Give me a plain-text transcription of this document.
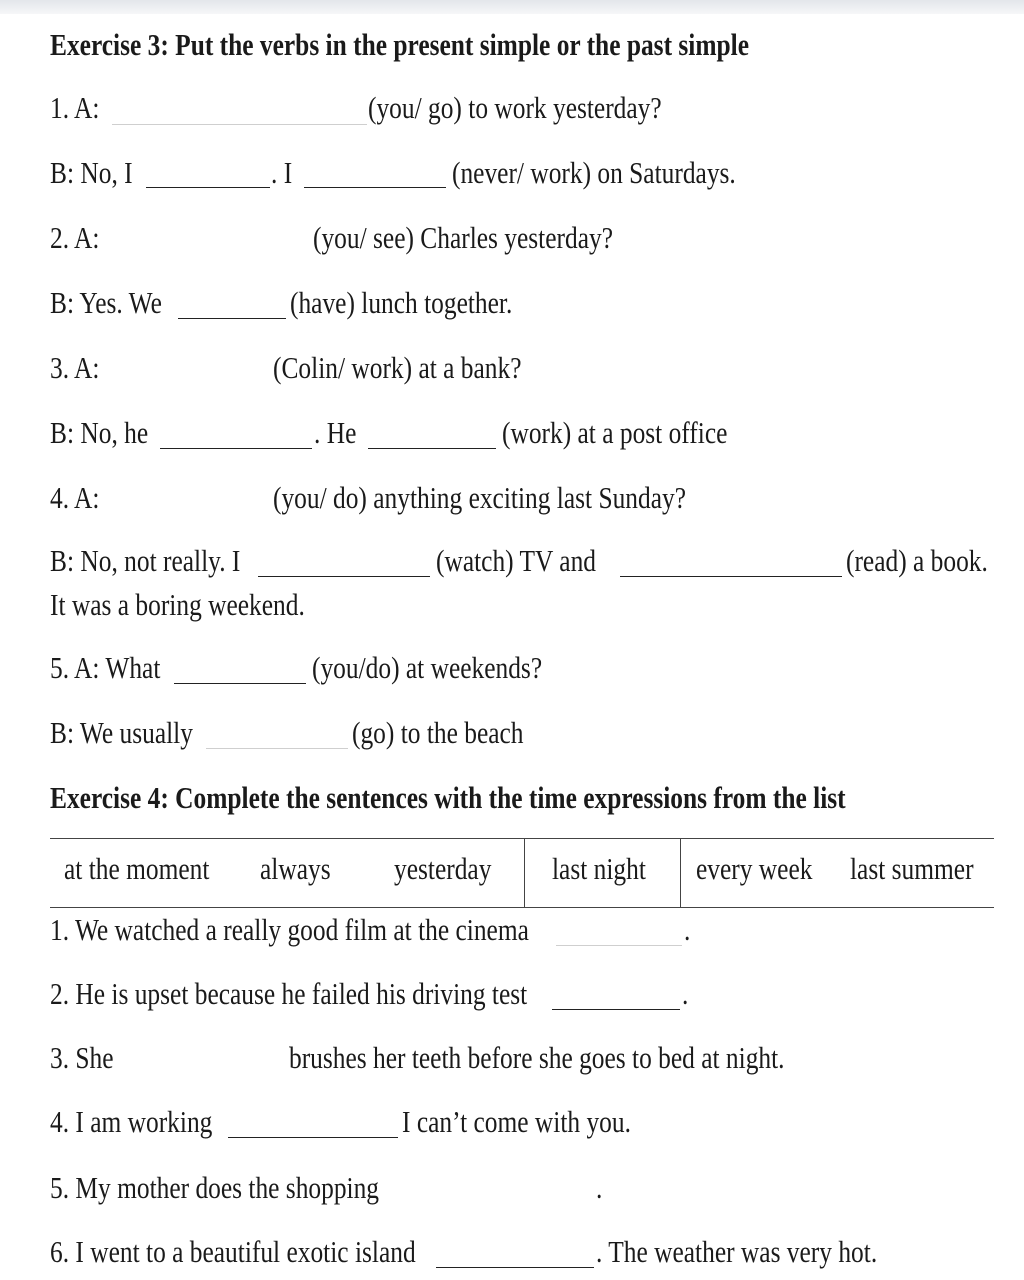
Exercise 3: Put the verbs in the present simple or the past simple
1. A:	(you/ go) to work yesterday?
B: No, I	. I	(never/ work) on Saturdays.
2. A:	(you/ see) Charles yesterday?
B: Yes. We	(have) lunch together.
3. A:	(Colin/ work) at a bank?
B: No, he	. He	(work) at a post office
4. A:	(you/ do) anything exciting last Sunday?
B: No, not really. I	(watch) TV and	(read) a book.
It was a boring weekend.
5. A: What	(you/do) at weekends?
B: We usually	(go) to the beach
Exercise 4: Complete the sentences with the time expressions from the list
at the moment always yesterday last night every week last summer
1. We watched a really good film at the cinema	.
2. He is upset because he failed his driving test	.
3. She	brushes her teeth before she goes to bed at night.
4. I am working	I can’t come with you.
5. My mother does the shopping	.
6. I went to a beautiful exotic island	. The weather was very hot.
